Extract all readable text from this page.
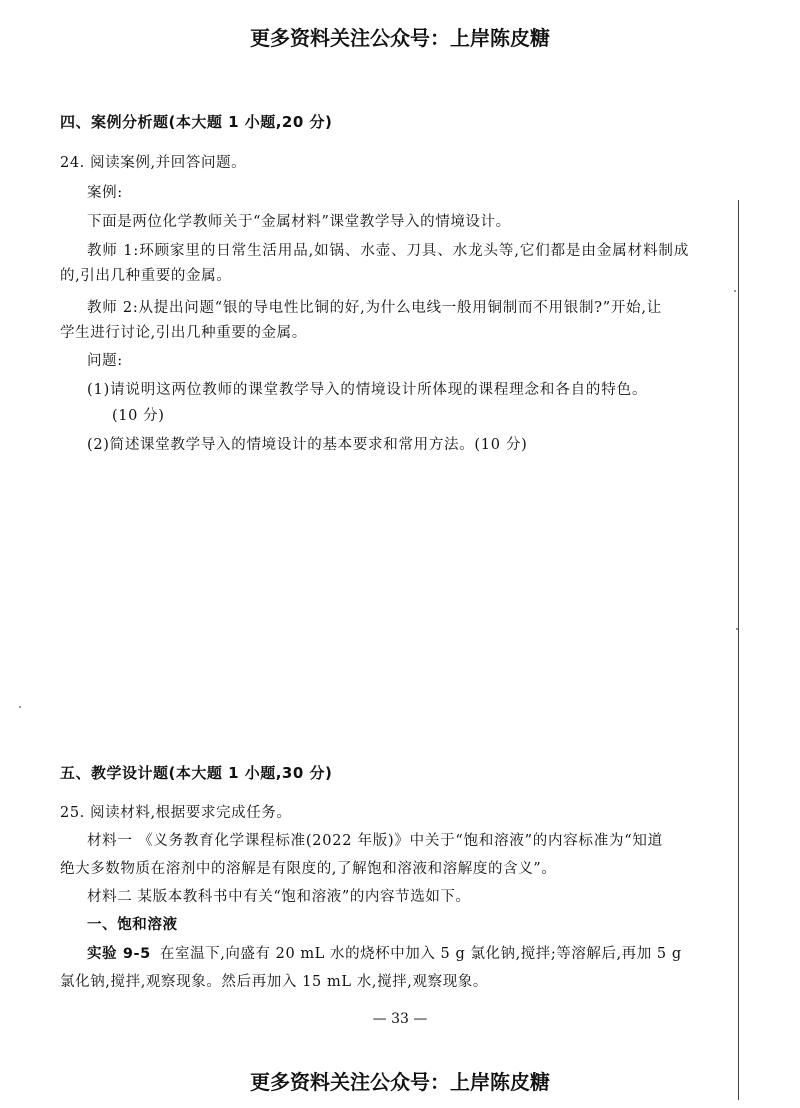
更多资料关注公众号：上岸陈皮糖
四、案例分析题(本大题 1 小题,20 分)
24. 阅读案例,并回答问题。
案例:
下面是两位化学教师关于“金属材料”课堂教学导入的情境设计。
教师 1:环顾家里的日常生活用品,如锅、水壶、刀具、水龙头等,它们都是由金属材料制成
的,引出几种重要的金属。
教师 2:从提出问题“银的导电性比铜的好,为什么电线一般用铜制而不用银制?”开始,让
学生进行讨论,引出几种重要的金属。
问题:
(1)请说明这两位教师的课堂教学导入的情境设计所体现的课程理念和各自的特色。
(10 分)
(2)简述课堂教学导入的情境设计的基本要求和常用方法。(10 分)
五、教学设计题(本大题 1 小题,30 分)
25. 阅读材料,根据要求完成任务。
材料一 《义务教育化学课程标准(2022 年版)》中关于“饱和溶液”的内容标准为“知道
绝大多数物质在溶剂中的溶解是有限度的,了解饱和溶液和溶解度的含义”。
材料二 某版本教科书中有关“饱和溶液”的内容节选如下。
一、饱和溶液
实验 9-5 在室温下,向盛有 20 mL 水的烧杯中加入 5 g 氯化钠,搅拌;等溶解后,再加 5 g
氯化钠,搅拌,观察现象。然后再加入 15 mL 水,搅拌,观察现象。
— 33 —
更多资料关注公众号：上岸陈皮糖
